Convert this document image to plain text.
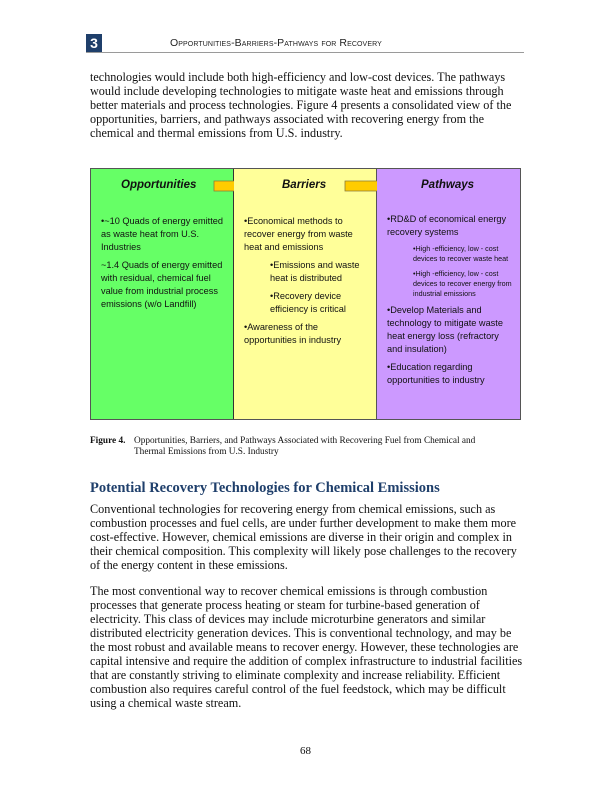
3	Opportunities-Barriers-Pathways for Recovery
technologies would include both high-efficiency and low-cost devices. The pathways
would include developing technologies to mitigate waste heat and emissions through
better materials and process technologies. Figure 4 presents a consolidated view of the
opportunities, barriers, and pathways associated with recovering energy from the
chemical and thermal emissions from U.S. industry.
Opportunities
•~10 Quads of energy emitted as waste heat from U.S. Industries
~1.4 Quads of energy emitted with residual, chemical fuel value from industrial process emissions (w/o Landfill)
Barriers
•Economical methods to recover energy from waste heat and emissions
•Emissions and waste heat is distributed
•Recovery device efficiency is critical
•Awareness of the opportunities in industry
Pathways
•RD&D of economical energy recovery systems
•High -efficiency, low - cost devices to recover waste heat
•High -efficiency, low - cost devices to recover energy from industrial emissions
•Develop Materials and technology to mitigate waste heat energy loss (refractory and insulation)
•Education regarding opportunities to industry
Figure 4. Opportunities, Barriers, and Pathways Associated with Recovering Fuel from Chemical and
Thermal Emissions from U.S. Industry
Potential Recovery Technologies for Chemical Emissions
Conventional technologies for recovering energy from chemical emissions, such as
combustion processes and fuel cells, are under further development to make them more
cost-effective. However, chemical emissions are diverse in their origin and complex in
their chemical composition. This complexity will likely pose challenges to the recovery
of the energy content in these emissions.
The most conventional way to recover chemical emissions is through combustion
processes that generate process heating or steam for turbine-based generation of
electricity. This class of devices may include microturbine generators and similar
distributed electricity generation devices. This is conventional technology, and may be
the most robust and available means to recover energy. However, these technologies are
capital intensive and require the addition of complex infrastructure to industrial facilities
that are constantly striving to eliminate complexity and increase reliability. Efficient
combustion also requires careful control of the fuel feedstock, which may be difficult
using a chemical waste stream.
68
